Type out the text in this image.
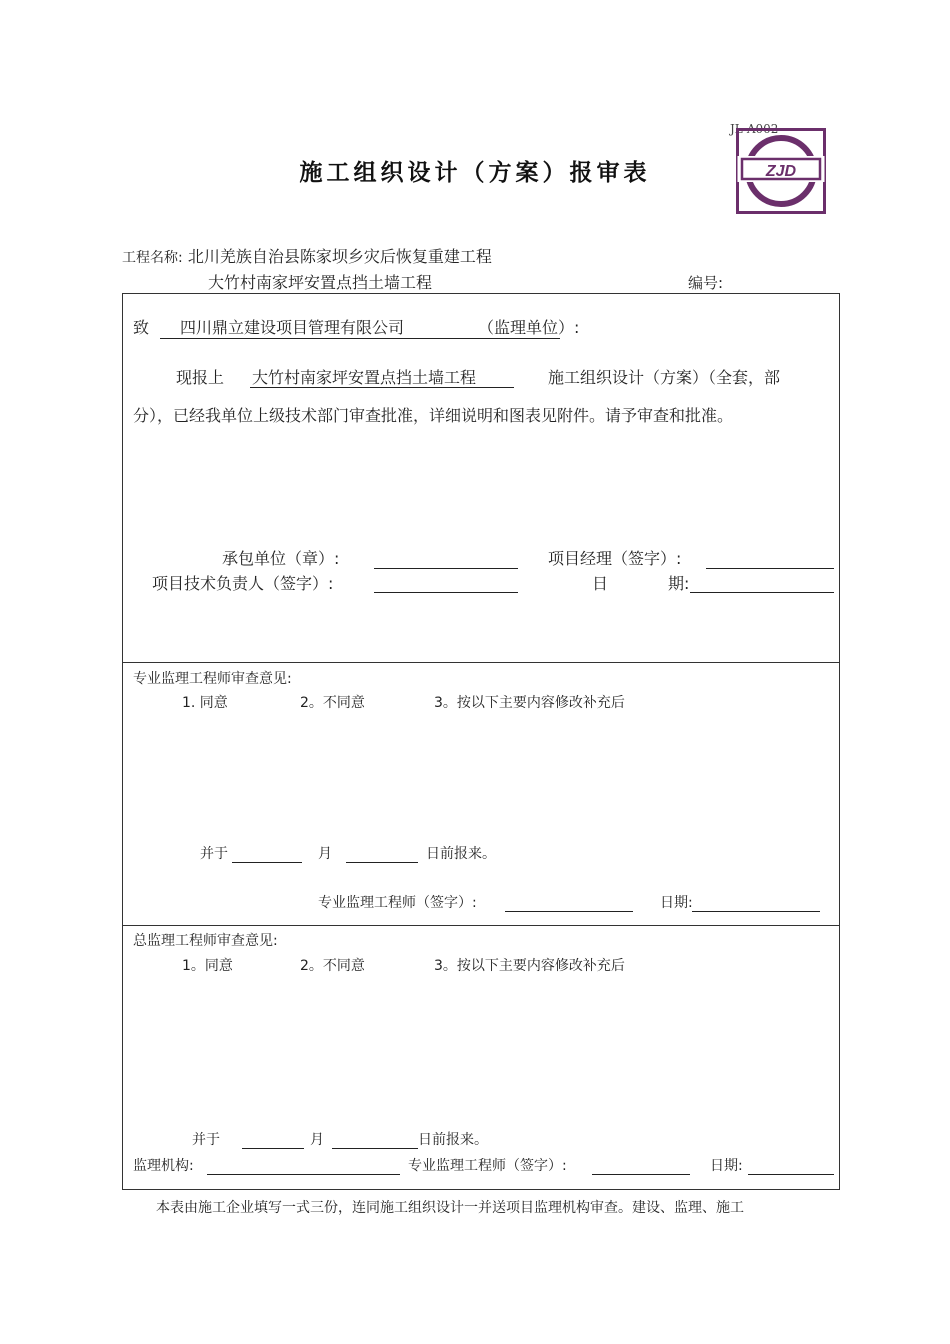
JL-A002
施工组织设计（方案）报审表	ZJD
工程名称: 北川羌族自治县陈家坝乡灾后恢复重建工程
大竹村南家坪安置点挡土墙工程	编号:
致 四川鼎立建设项目管理有限公司	（监理单位）:
现报上 大竹村南家坪安置点挡土墙工程	施工组织设计（方案）（全套，部
分），已经我单位上级技术部门审查批准，详细说明和图表见附件。请予审查和批准。
承包单位（章）:	项目经理（签字）:
项目技术负责人（签字）:	日	期:
专业监理工程师审查意见:
1. 同意	2。不同意	3。按以下主要内容修改补充后
并于	月	日前报来。
专业监理工程师（签字）:	日期:
总监理工程师审查意见:
1。同意	2。不同意	3。按以下主要内容修改补充后
并于	月	日前报来。
监理机构:	专业监理工程师（签字）:	日期:
本表由施工企业填写一式三份，连同施工组织设计一并送项目监理机构审查。建设、监理、施工
